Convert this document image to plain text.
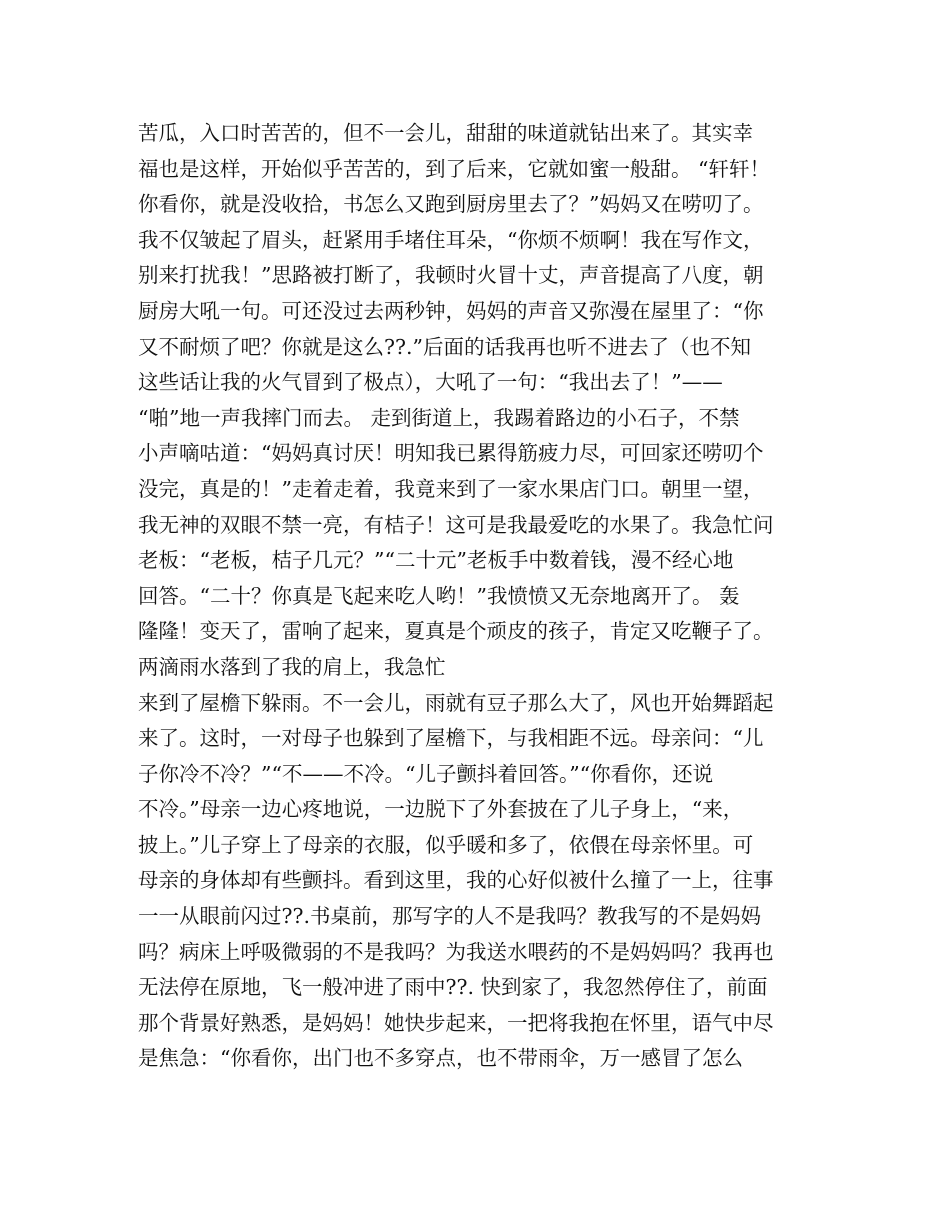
苦瓜，入口时苦苦的，但不一会儿，甜甜的味道就钻出来了。其实幸
福也是这样，开始似乎苦苦的，到了后来，它就如蜜一般甜。 “轩轩！
你看你，就是没收拾，书怎么又跑到厨房里去了？”妈妈又在唠叨了。
我不仅皱起了眉头，赶紧用手堵住耳朵，“你烦不烦啊！我在写作文，
别来打扰我！”思路被打断了，我顿时火冒十丈，声音提高了八度，朝
厨房大吼一句。可还没过去两秒钟，妈妈的声音又弥漫在屋里了：“你
又不耐烦了吧？你就是这么??.”后面的话我再也听不进去了（也不知
这些话让我的火气冒到了极点），大吼了一句：“我出去了！”——
“啪”地一声我摔门而去。 走到街道上，我踢着路边的小石子，不禁
小声嘀咕道：“妈妈真讨厌！明知我已累得筋疲力尽，可回家还唠叨个
没完，真是的！”走着走着，我竟来到了一家水果店门口。朝里一望，
我无神的双眼不禁一亮，有桔子！这可是我最爱吃的水果了。我急忙问
老板：“老板，桔子几元？”“二十元”老板手中数着钱，漫不经心地
回答。“二十？你真是飞起来吃人哟！”我愤愤又无奈地离开了。 轰
隆隆！变天了，雷响了起来，夏真是个顽皮的孩子，肯定又吃鞭子了。
两滴雨水落到了我的肩上，我急忙
来到了屋檐下躲雨。不一会儿，雨就有豆子那么大了，风也开始舞蹈起
来了。这时，一对母子也躲到了屋檐下，与我相距不远。母亲问：“儿
子你冷不冷？”“不——不冷。“儿子颤抖着回答。”“你看你，还说
不冷。”母亲一边心疼地说，一边脱下了外套披在了儿子身上，“来，
披上。”儿子穿上了母亲的衣服，似乎暖和多了，依偎在母亲怀里。可
母亲的身体却有些颤抖。看到这里，我的心好似被什么撞了一上，往事
一一从眼前闪过??.书桌前，那写字的人不是我吗？教我写的不是妈妈
吗？病床上呼吸微弱的不是我吗？为我送水喂药的不是妈妈吗？我再也
无法停在原地，飞一般冲进了雨中??. 快到家了，我忽然停住了，前面
那个背景好熟悉，是妈妈！她快步起来，一把将我抱在怀里，语气中尽
是焦急：“你看你，出门也不多穿点，也不带雨伞，万一感冒了怎么
